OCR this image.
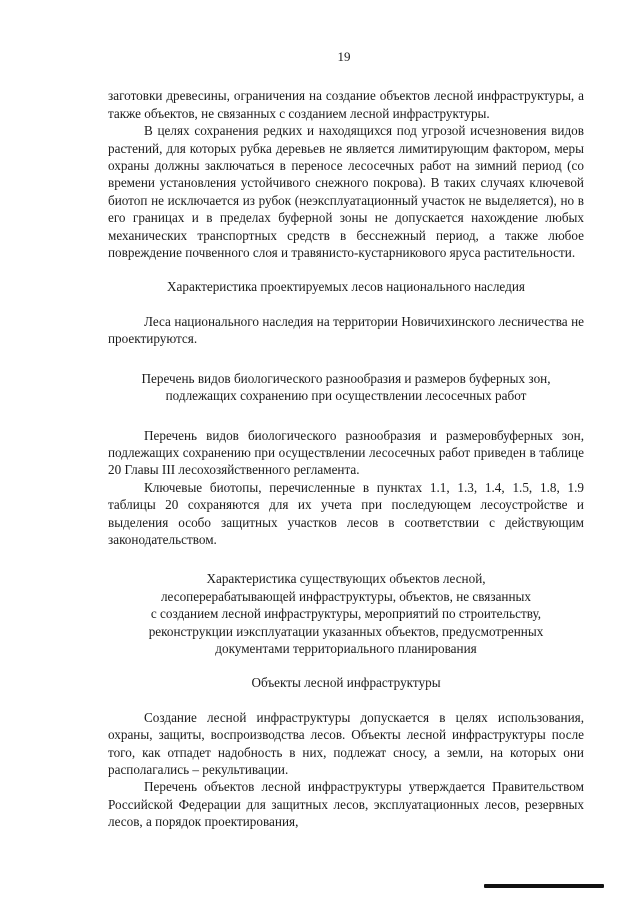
19

заготовки древесины, ограничения на создание объектов лесной инфраструктуры, а также объектов, не связанных с созданием лесной инфраструктуры.

В целях сохранения редких и находящихся под угрозой исчезновения видов растений, для которых рубка деревьев не является лимитирующим фактором, меры охраны должны заключаться в переносе лесосечных работ на зимний период (со времени установления устойчивого снежного покрова). В таких случаях ключевой биотоп не исключается из рубок (неэксплуатационный участок не выделяется), но в его границах и в пределах буферной зоны не допускается нахождение любых механических транспортных средств в бесснежный период, а также любое повреждение почвенного слоя и травянисто-кустарникового яруса растительности.

Характеристика проектируемых лесов национального наследия

Леса национального наследия на территории Новичихинского лесничества не проектируются.

Перечень видов биологического разнообразия и размеров буферных зон,

подлежащих сохранению при осуществлении лесосечных работ

Перечень видов биологического разнообразия и размеровбуферных зон, подлежащих сохранению при осуществлении лесосечных работ приведен в таблице 20 Главы III лесохозяйственного регламента.

Ключевые биотопы, перечисленные в пунктах 1.1, 1.3, 1.4, 1.5, 1.8, 1.9 таблицы 20 сохраняются для их учета при последующем лесоустройстве и выделения особо защитных участков лесов в соответствии с действующим законодательством.

Характеристика существующих объектов лесной,

лесоперерабатывающей инфраструктуры, объектов, не связанных

с созданием лесной инфраструктуры, мероприятий по строительству,

реконструкции иэксплуатации указанных объектов, предусмотренных

документами территориального планирования

Объекты лесной инфраструктуры

Создание лесной инфраструктуры допускается в целях использования, охраны, защиты, воспроизводства лесов. Объекты лесной инфраструктуры после того, как отпадет надобность в них, подлежат сносу, а земли, на которых они располагались – рекультивации.

Перечень объектов лесной инфраструктуры утверждается Правительством Российской Федерации для защитных лесов, эксплуатационных лесов, резервных лесов, а порядок проектирования,
